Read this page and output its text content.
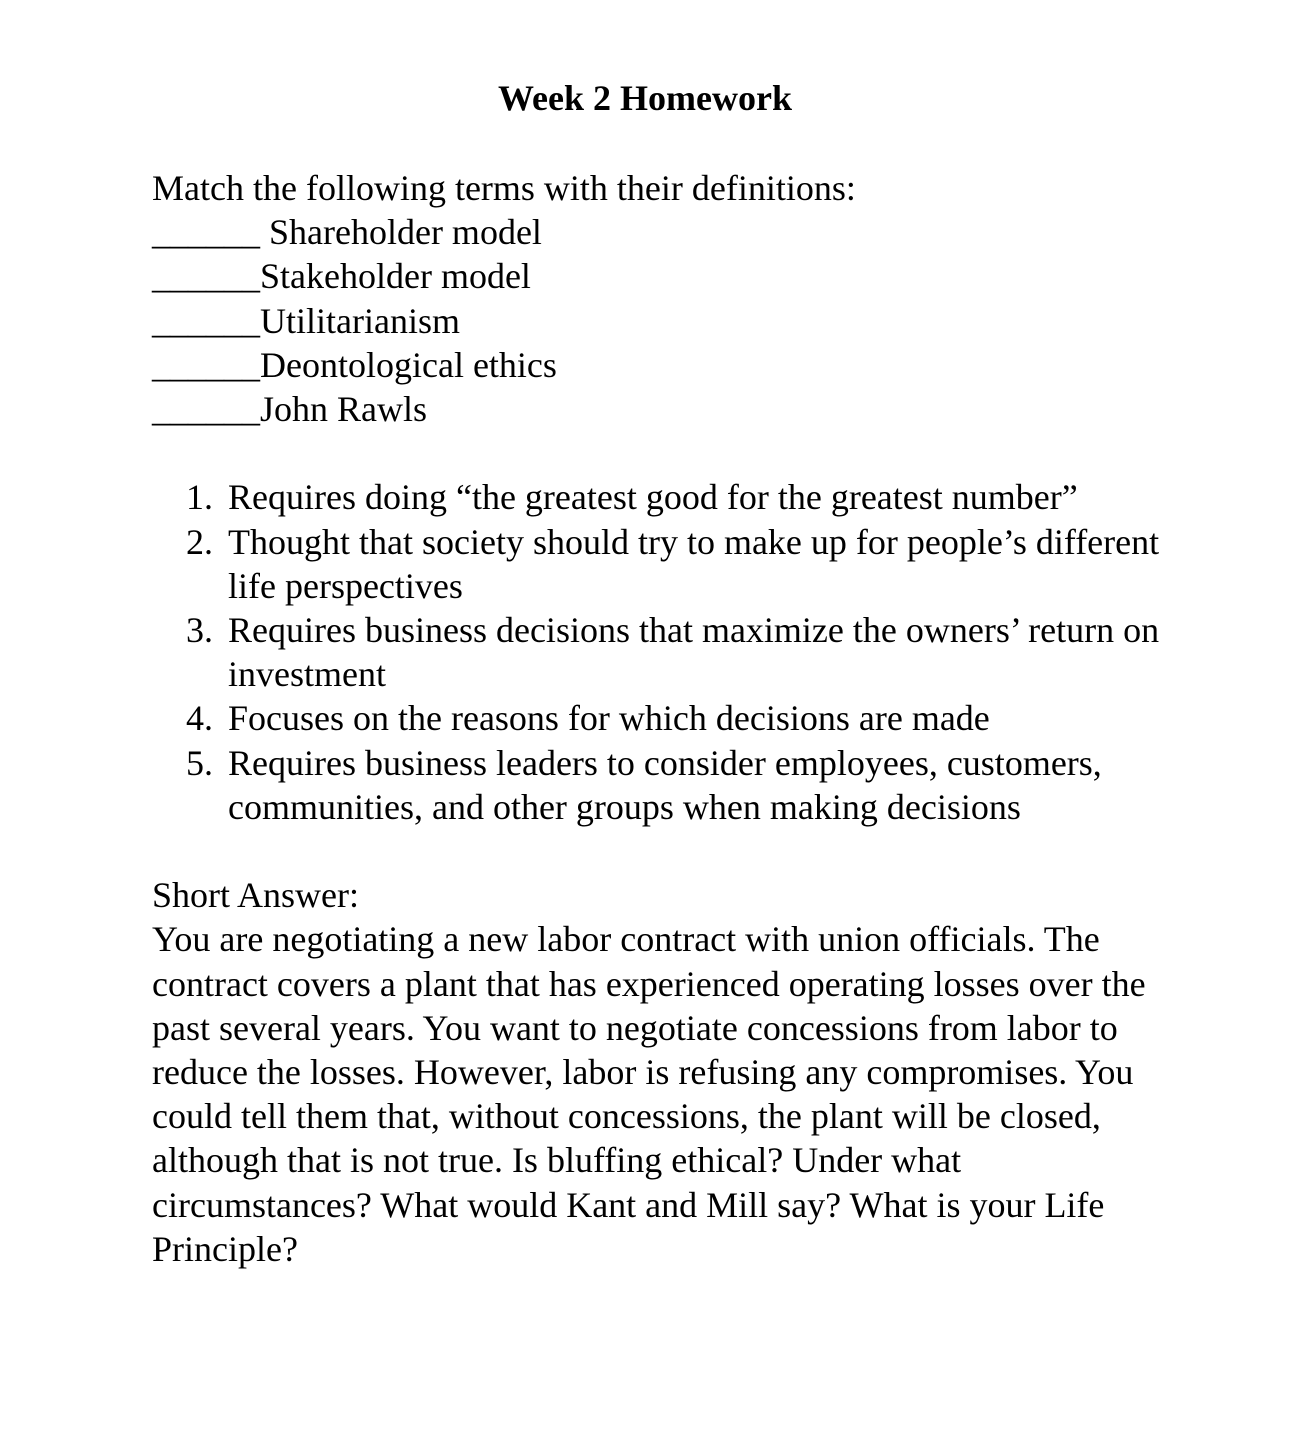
Week 2 Homework
Match the following terms with their definitions:
______ Shareholder model
______Stakeholder model
______Utilitarianism
______Deontological ethics
______John Rawls
1. Requires doing “the greatest good for the greatest number”
2. Thought that society should try to make up for people’s different life perspectives
3. Requires business decisions that maximize the owners’ return on investment
4. Focuses on the reasons for which decisions are made
5. Requires business leaders to consider employees, customers, communities, and other groups when making decisions
Short Answer:
You are negotiating a new labor contract with union officials. The contract covers a plant that has experienced operating losses over the past several years. You want to negotiate concessions from labor to reduce the losses. However, labor is refusing any compromises. You could tell them that, without concessions, the plant will be closed, although that is not true. Is bluffing ethical? Under what circumstances? What would Kant and Mill say? What is your Life Principle?
